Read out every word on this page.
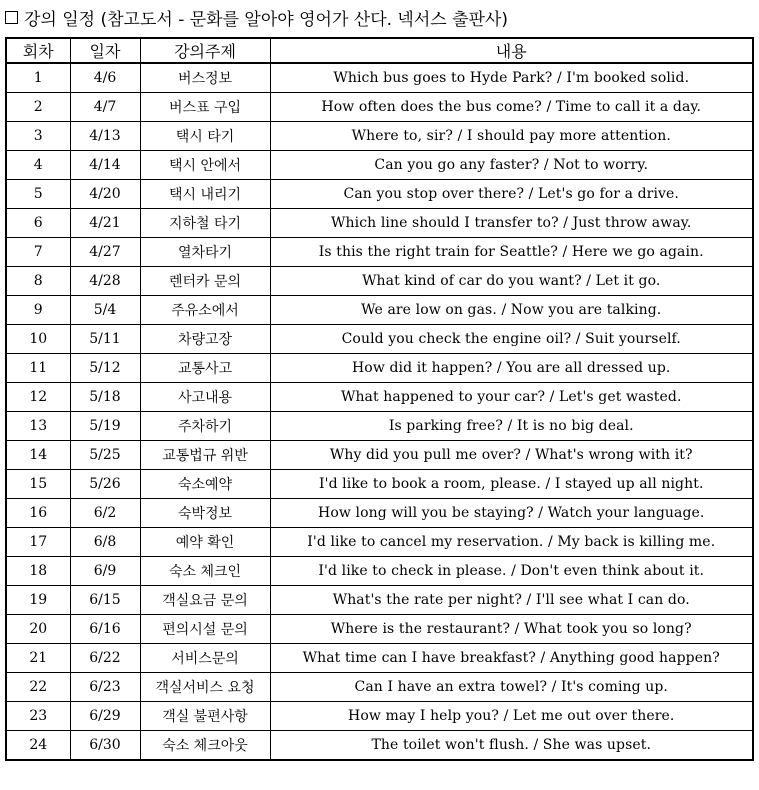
강의 일정 (참고도서 - 문화를 알아야 영어가 산다. 넥서스 출판사)
회차	일자	강의주제	내용
1	4/6	버스정보	Which bus goes to Hyde Park? / I'm booked solid.
2	4/7	버스표 구입	How often does the bus come? / Time to call it a day.
3	4/13	택시 타기	Where to, sir? / I should pay more attention.
4	4/14	택시 안에서	Can you go any faster? / Not to worry.
5	4/20	택시 내리기	Can you stop over there? / Let's go for a drive.
6	4/21	지하철 타기	Which line should I transfer to? / Just throw away.
7	4/27	열차타기	Is this the right train for Seattle? / Here we go again.
8	4/28	렌터카 문의	What kind of car do you want? / Let it go.
9	5/4	주유소에서	We are low on gas. / Now you are talking.
10	5/11	차량고장	Could you check the engine oil? / Suit yourself.
11	5/12	교통사고	How did it happen? / You are all dressed up.
12	5/18	사고내용	What happened to your car? / Let's get wasted.
13	5/19	주차하기	Is parking free? / It is no big deal.
14	5/25	교통법규 위반	Why did you pull me over? / What's wrong with it?
15	5/26	숙소예약	I'd like to book a room, please. / I stayed up all night.
16	6/2	숙박정보	How long will you be staying? / Watch your language.
17	6/8	예약 확인	I'd like to cancel my reservation. / My back is killing me.
18	6/9	숙소 체크인	I'd like to check in please. / Don't even think about it.
19	6/15	객실요금 문의	What's the rate per night? / I'll see what I can do.
20	6/16	편의시설 문의	Where is the restaurant? / What took you so long?
21	6/22	서비스문의	What time can I have breakfast? / Anything good happen?
22	6/23	객실서비스 요청	Can I have an extra towel? / It's coming up.
23	6/29	객실 불편사항	How may I help you? / Let me out over there.
24	6/30	숙소 체크아웃	The toilet won't flush. / She was upset.
